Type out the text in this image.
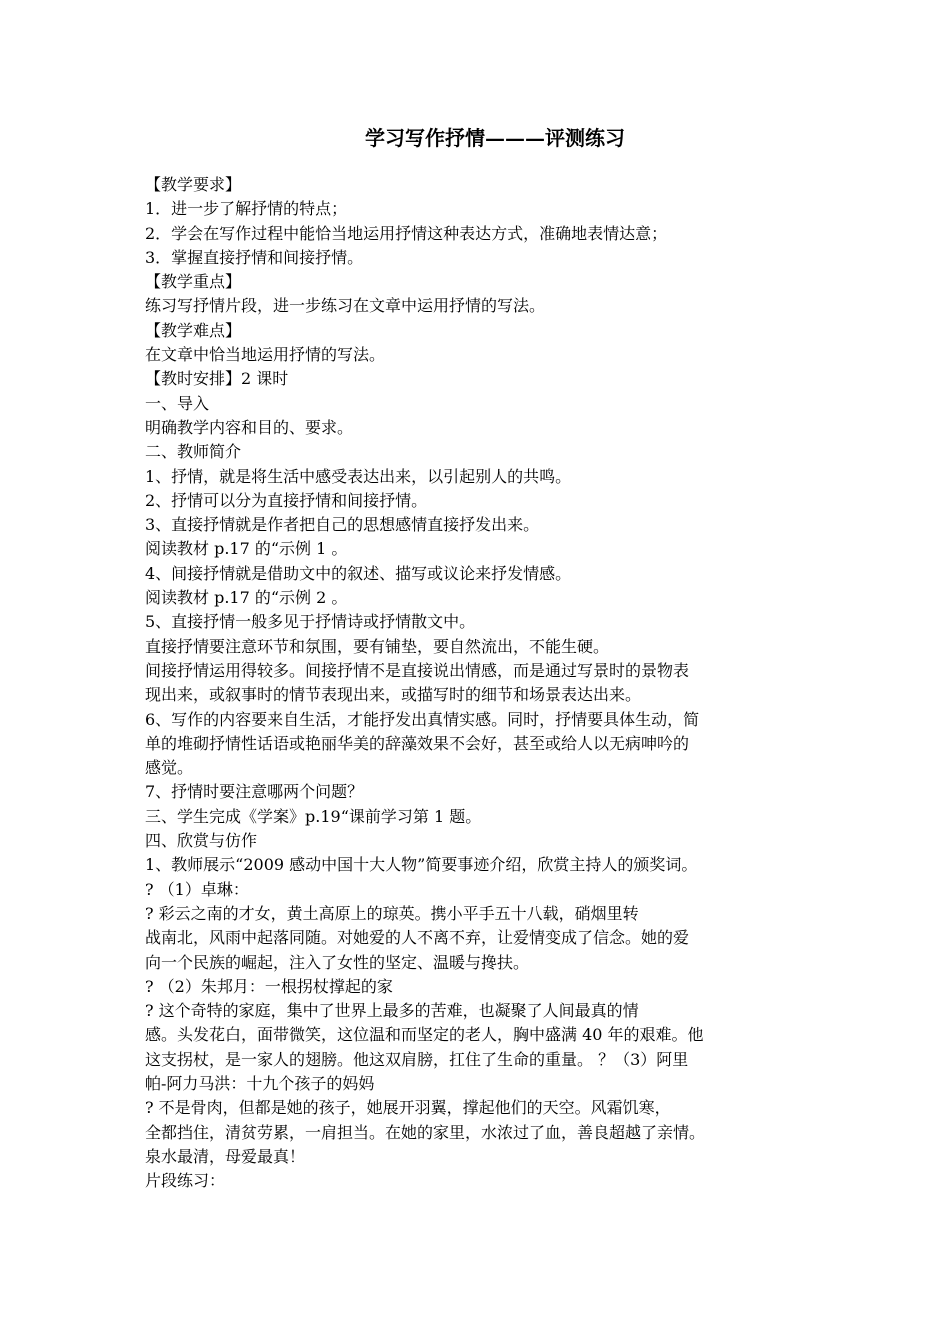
学习写作抒情———评测练习
【教学要求】
1．进一步了解抒情的特点；
2．学会在写作过程中能恰当地运用抒情这种表达方式，准确地表情达意；
3．掌握直接抒情和间接抒情。
【教学重点】
练习写抒情片段，进一步练习在文章中运用抒情的写法。
【教学难点】
在文章中恰当地运用抒情的写法。
【教时安排】2 课时
一、导入
明确教学内容和目的、要求。
二、教师简介
1、抒情，就是将生活中感受表达出来，以引起别人的共鸣。
2、抒情可以分为直接抒情和间接抒情。
3、直接抒情就是作者把自己的思想感情直接抒发出来。
阅读教材 p.17 的“示例 1 。
4、间接抒情就是借助文中的叙述、描写或议论来抒发情感。
阅读教材 p.17 的“示例 2 。
5、直接抒情一般多见于抒情诗或抒情散文中。
直接抒情要注意环节和氛围，要有铺垫，要自然流出，不能生硬。
间接抒情运用得较多。间接抒情不是直接说出情感，而是通过写景时的景物表
现出来，或叙事时的情节表现出来，或描写时的细节和场景表达出来。
6、写作的内容要来自生活，才能抒发出真情实感。同时，抒情要具体生动，简
单的堆砌抒情性话语或艳丽华美的辞藻效果不会好，甚至或给人以无病呻吟的
感觉。
7、抒情时要注意哪两个问题？
三、学生完成《学案》p.19“课前学习第 1 题。
四、欣赏与仿作
1、教师展示“2009 感动中国十大人物”简要事迹介绍，欣赏主持人的颁奖词。
? （1）卓琳：
? 彩云之南的才女，黄土高原上的琼英。携小平手五十八载，硝烟里转
战南北，风雨中起落同随。对她爱的人不离不弃，让爱情变成了信念。她的爱
向一个民族的崛起，注入了女性的坚定、温暖与搀扶。
? （2）朱邦月：一根拐杖撑起的家
? 这个奇特的家庭，集中了世界上最多的苦难，也凝聚了人间最真的情
感。头发花白，面带微笑，这位温和而坚定的老人，胸中盛满 40 年的艰难。他
这支拐杖，是一家人的翅膀。他这双肩膀，扛住了生命的重量。 ？（3）阿里
帕-阿力马洪：十九个孩子的妈妈
? 不是骨肉，但都是她的孩子，她展开羽翼，撑起他们的天空。风霜饥寒，
全都挡住，清贫劳累，一肩担当。在她的家里，水浓过了血，善良超越了亲情。
泉水最清，母爱最真！
片段练习：
